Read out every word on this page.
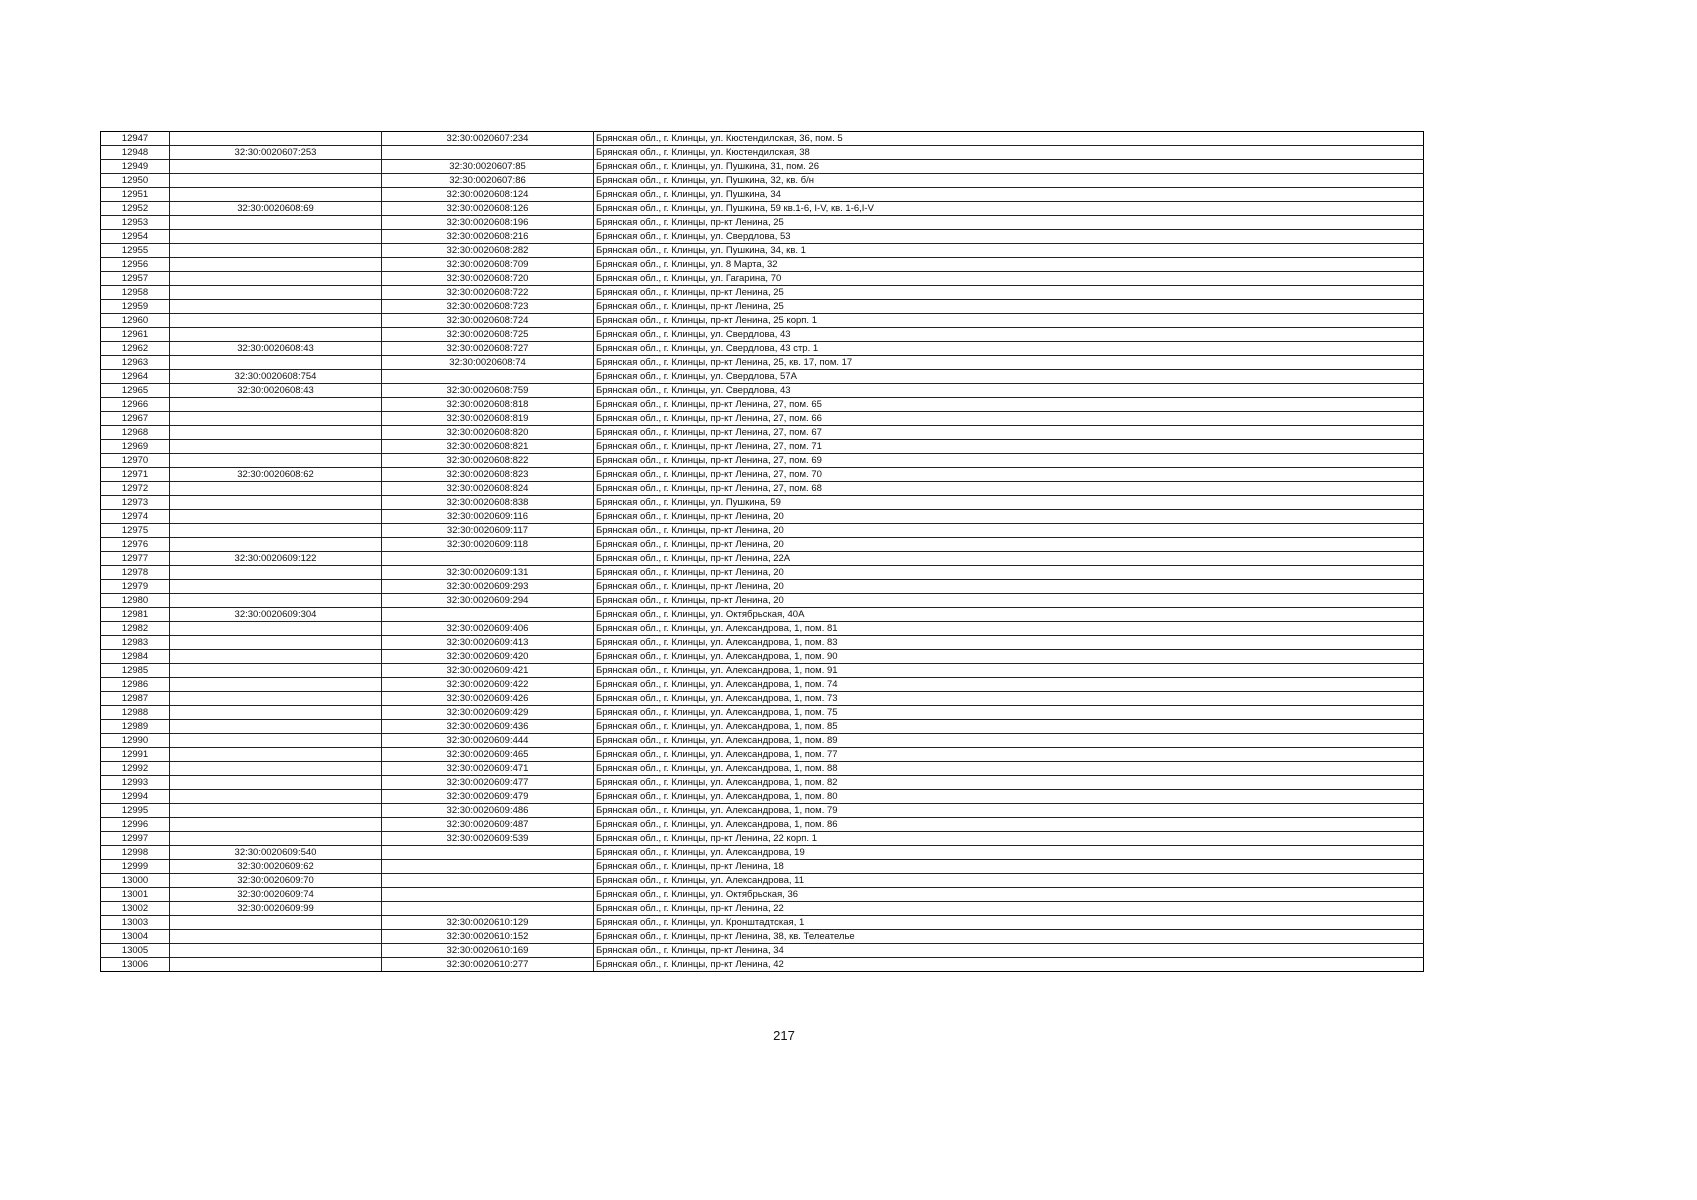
12947		32:30:0020607:234	Брянская обл., г. Клинцы, ул. Кюстендилская, 36, пом. 5
12948	32:30:0020607:253		Брянская обл., г. Клинцы, ул. Кюстендилская, 38
12949		32:30:0020607:85	Брянская обл., г. Клинцы, ул. Пушкина, 31, пом. 26
12950		32:30:0020607:86	Брянская обл., г. Клинцы, ул. Пушкина, 32, кв. б/н
12951		32:30:0020608:124	Брянская обл., г. Клинцы, ул. Пушкина, 34
12952	32:30:0020608:69	32:30:0020608:126	Брянская обл., г. Клинцы, ул. Пушкина, 59 кв.1-6, I-V, кв. 1-6,I-V
12953		32:30:0020608:196	Брянская обл., г. Клинцы, пр-кт Ленина, 25
12954		32:30:0020608:216	Брянская обл., г. Клинцы, ул. Свердлова, 53
12955		32:30:0020608:282	Брянская обл., г. Клинцы, ул. Пушкина, 34, кв. 1
12956		32:30:0020608:709	Брянская обл., г. Клинцы, ул. 8 Марта, 32
12957		32:30:0020608:720	Брянская обл., г. Клинцы, ул. Гагарина, 70
12958		32:30:0020608:722	Брянская обл., г. Клинцы, пр-кт Ленина, 25
12959		32:30:0020608:723	Брянская обл., г. Клинцы, пр-кт Ленина, 25
12960		32:30:0020608:724	Брянская обл., г. Клинцы, пр-кт Ленина, 25 корп. 1
12961		32:30:0020608:725	Брянская обл., г. Клинцы, ул. Свердлова, 43
12962	32:30:0020608:43	32:30:0020608:727	Брянская обл., г. Клинцы, ул. Свердлова, 43 стр. 1
12963		32:30:0020608:74	Брянская обл., г. Клинцы, пр-кт Ленина, 25, кв. 17, пом. 17
12964	32:30:0020608:754		Брянская обл., г. Клинцы, ул. Свердлова, 57А
12965	32:30:0020608:43	32:30:0020608:759	Брянская обл., г. Клинцы, ул. Свердлова, 43
12966		32:30:0020608:818	Брянская обл., г. Клинцы, пр-кт Ленина, 27, пом. 65
12967		32:30:0020608:819	Брянская обл., г. Клинцы, пр-кт Ленина, 27, пом. 66
12968		32:30:0020608:820	Брянская обл., г. Клинцы, пр-кт Ленина, 27, пом. 67
12969		32:30:0020608:821	Брянская обл., г. Клинцы, пр-кт Ленина, 27, пом. 71
12970		32:30:0020608:822	Брянская обл., г. Клинцы, пр-кт Ленина, 27, пом. 69
12971	32:30:0020608:62	32:30:0020608:823	Брянская обл., г. Клинцы, пр-кт Ленина, 27, пом. 70
12972		32:30:0020608:824	Брянская обл., г. Клинцы, пр-кт Ленина, 27, пом. 68
12973		32:30:0020608:838	Брянская обл., г. Клинцы, ул. Пушкина, 59
12974		32:30:0020609:116	Брянская обл., г. Клинцы, пр-кт Ленина, 20
12975		32:30:0020609:117	Брянская обл., г. Клинцы, пр-кт Ленина, 20
12976		32:30:0020609:118	Брянская обл., г. Клинцы, пр-кт Ленина, 20
12977	32:30:0020609:122		Брянская обл., г. Клинцы, пр-кт Ленина, 22А
12978		32:30:0020609:131	Брянская обл., г. Клинцы, пр-кт Ленина, 20
12979		32:30:0020609:293	Брянская обл., г. Клинцы, пр-кт Ленина, 20
12980		32:30:0020609:294	Брянская обл., г. Клинцы, пр-кт Ленина, 20
12981	32:30:0020609:304		Брянская обл., г. Клинцы, ул. Октябрьская, 40А
12982		32:30:0020609:406	Брянская обл., г. Клинцы, ул. Александрова, 1, пом. 81
12983		32:30:0020609:413	Брянская обл., г. Клинцы, ул. Александрова, 1, пом. 83
12984		32:30:0020609:420	Брянская обл., г. Клинцы, ул. Александрова, 1, пом. 90
12985		32:30:0020609:421	Брянская обл., г. Клинцы, ул. Александрова, 1, пом. 91
12986		32:30:0020609:422	Брянская обл., г. Клинцы, ул. Александрова, 1, пом. 74
12987		32:30:0020609:426	Брянская обл., г. Клинцы, ул. Александрова, 1, пом. 73
12988		32:30:0020609:429	Брянская обл., г. Клинцы, ул. Александрова, 1, пом. 75
12989		32:30:0020609:436	Брянская обл., г. Клинцы, ул. Александрова, 1, пом. 85
12990		32:30:0020609:444	Брянская обл., г. Клинцы, ул. Александрова, 1, пом. 89
12991		32:30:0020609:465	Брянская обл., г. Клинцы, ул. Александрова, 1, пом. 77
12992		32:30:0020609:471	Брянская обл., г. Клинцы, ул. Александрова, 1, пом. 88
12993		32:30:0020609:477	Брянская обл., г. Клинцы, ул. Александрова, 1, пом. 82
12994		32:30:0020609:479	Брянская обл., г. Клинцы, ул. Александрова, 1, пом. 80
12995		32:30:0020609:486	Брянская обл., г. Клинцы, ул. Александрова, 1, пом. 79
12996		32:30:0020609:487	Брянская обл., г. Клинцы, ул. Александрова, 1, пом. 86
12997		32:30:0020609:539	Брянская обл., г. Клинцы, пр-кт Ленина, 22 корп. 1
12998	32:30:0020609:540		Брянская обл., г. Клинцы, ул. Александрова, 19
12999	32:30:0020609:62		Брянская обл., г. Клинцы, пр-кт Ленина, 18
13000	32:30:0020609:70		Брянская обл., г. Клинцы, ул. Александрова, 11
13001	32:30:0020609:74		Брянская обл., г. Клинцы, ул. Октябрьская, 36
13002	32:30:0020609:99		Брянская обл., г. Клинцы, пр-кт Ленина, 22
13003		32:30:0020610:129	Брянская обл., г. Клинцы, ул. Кронштадтская, 1
13004		32:30:0020610:152	Брянская обл., г. Клинцы, пр-кт Ленина, 38, кв. Телеателье
13005		32:30:0020610:169	Брянская обл., г. Клинцы, пр-кт Ленина, 34
13006		32:30:0020610:277	Брянская обл., г. Клинцы, пр-кт Ленина, 42
217
